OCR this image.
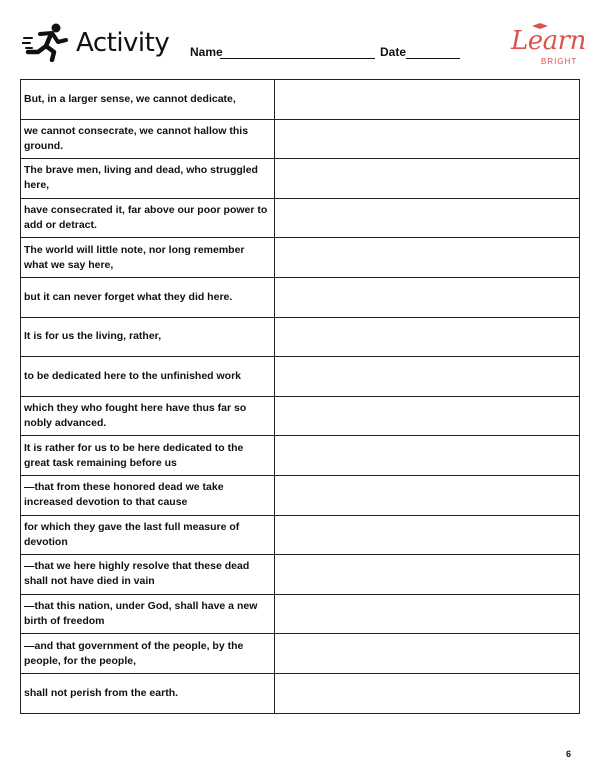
Activity Name	Date	Learn
BRIGHT
But, in a larger sense, we cannot dedicate,	
we cannot consecrate, we cannot hallow this ground.	
The brave men, living and dead, who struggled here,	
have consecrated it, far above our poor power to add or detract.	
The world will little note, nor long remember what we say here,	
but it can never forget what they did here.	
It is for us the living, rather,	
to be dedicated here to the unfinished work	
which they who fought here have thus far so nobly advanced.	
It is rather for us to be here dedicated to the great task remaining before us	
—that from these honored dead we take increased devotion to that cause	
for which they gave the last full measure of devotion	
—that we here highly resolve that these dead shall not have died in vain	
—that this nation, under God, shall have a new birth of freedom	
—and that government of the people, by the people, for the people,	
shall not perish from the earth.	
6
